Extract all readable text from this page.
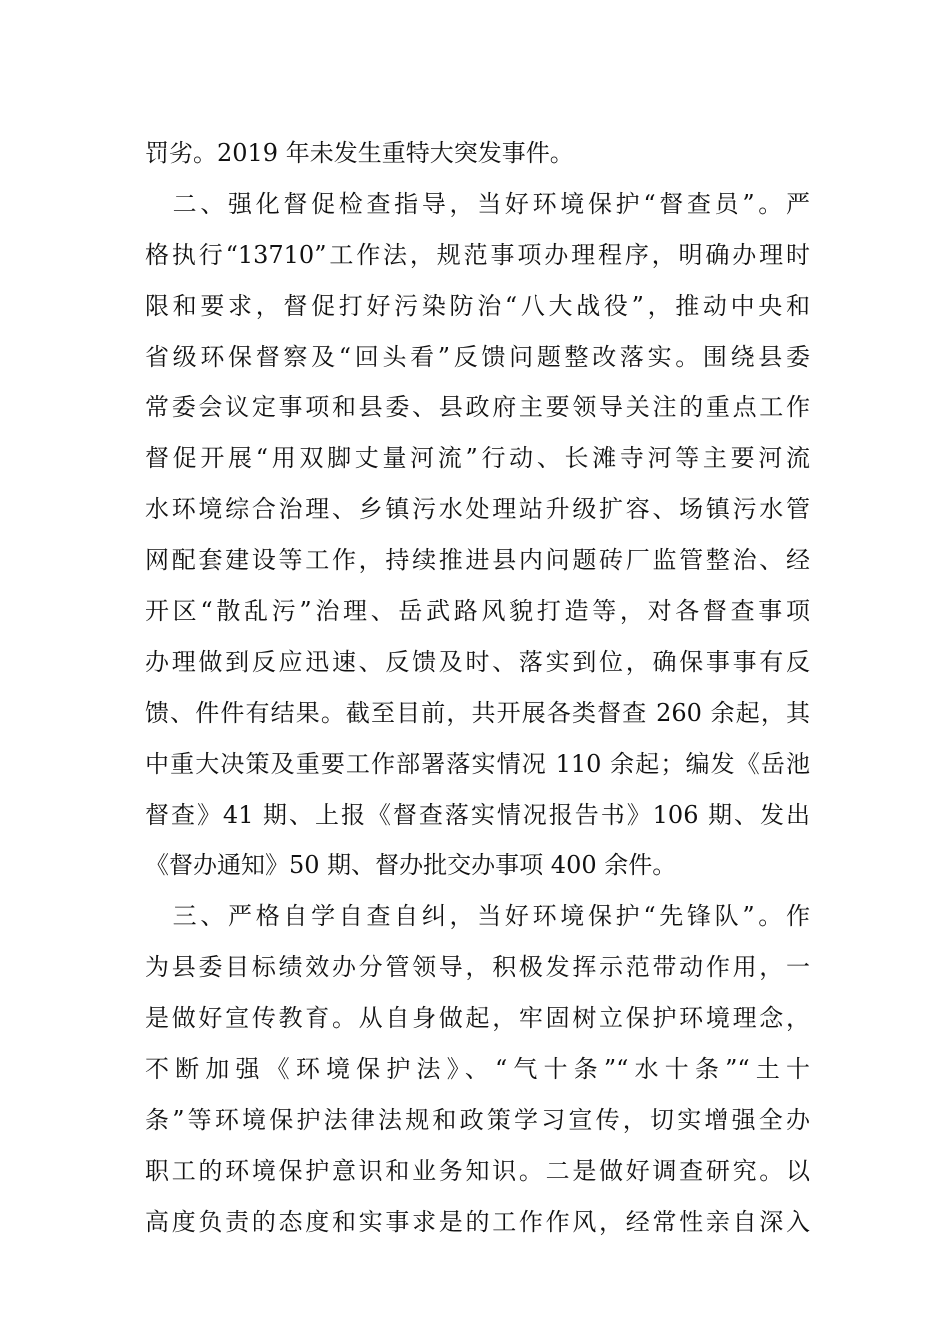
罚劣。2019 年未发生重特大突发事件。
　二、强化督促检查指导，当好环境保护“督查员”。严
格执行“13710”工作法，规范事项办理程序，明确办理时
限和要求，督促打好污染防治“八大战役”，推动中央和
省级环保督察及“回头看”反馈问题整改落实。围绕县委
常委会议定事项和县委、县政府主要领导关注的重点工作
督促开展“用双脚丈量河流”行动、长滩寺河等主要河流
水环境综合治理、乡镇污水处理站升级扩容、场镇污水管
网配套建设等工作，持续推进县内问题砖厂监管整治、经
开区“散乱污”治理、岳武路风貌打造等，对各督查事项
办理做到反应迅速、反馈及时、落实到位，确保事事有反
馈、件件有结果。截至目前，共开展各类督查 260 余起，其
中重大决策及重要工作部署落实情况 110 余起；编发《岳池
督查》41 期、上报《督查落实情况报告书》106 期、发出
《督办通知》50 期、督办批交办事项 400 余件。
　三、严格自学自查自纠，当好环境保护“先锋队”。作
为县委目标绩效办分管领导，积极发挥示范带动作用，一
是做好宣传教育。从自身做起，牢固树立保护环境理念，
不断加强《环境保护法》、“气十条”“水十条”“土十
条”等环境保护法律法规和政策学习宣传，切实增强全办
职工的环境保护意识和业务知识。二是做好调查研究。以
高度负责的态度和实事求是的工作作风，经常性亲自深入
